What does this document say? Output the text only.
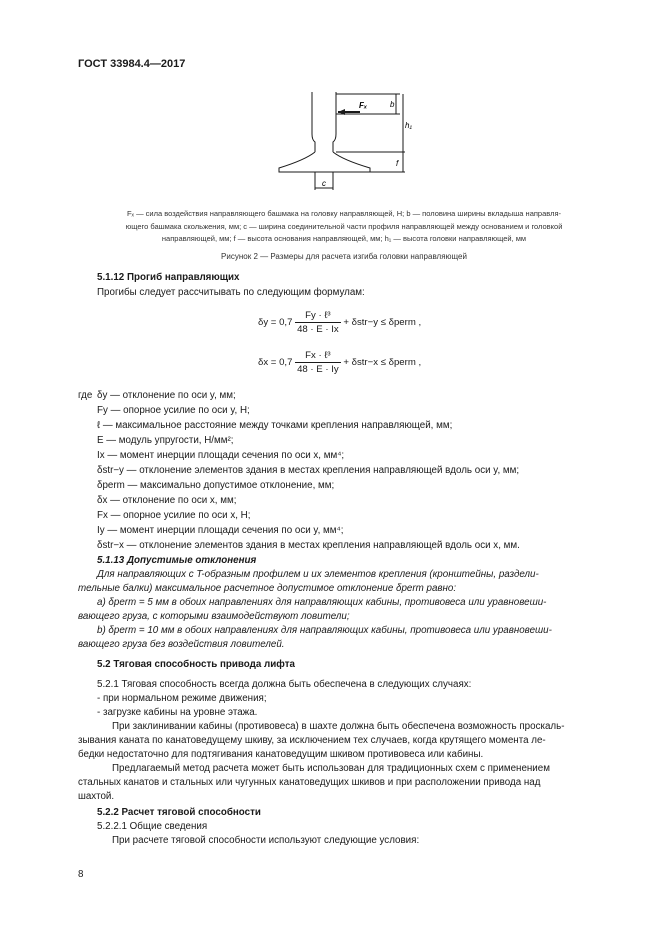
ГОСТ 33984.4—2017
Fₓ	b
h₁
f
c
Fₓ — сила воздействия направляющего башмака на головку направляющей, Н; b — половина ширины вкладыша направля-
ющего башмака скольжения, мм; c — ширина соединительной части профиля направляющей между основанием и головкой
направляющей, мм; f — высота основания направляющей, мм; h₁ — высота головки направляющей, мм
Рисунок 2 — Размеры для расчета изгиба головки направляющей
5.1.12 Прогиб направляющих
Прогибы следует рассчитывать по следующим формулам:
$\delta y = 0,7 \frac{\text{Fy · ℓ³}}{48 \cdot E \cdot Ix} + \delta str-y$ ≤ δperm ,
$\delta x = 0,7 \frac{\text{Fx · ℓ³}}{48 \cdot E \cdot Iy} + \delta str-x$ ≤ δperm ,
где δy — отклонение по оси y, мм;
Fy — опорное усилие по оси y, Н;
ℓ — максимальное расстояние между точками крепления направляющей, мм;
E — модуль упругости, Н/мм²;
Ix — момент инерции площади сечения по оси x, мм⁴;
δstr−y — отклонение элементов здания в местах крепления направляющей вдоль оси y, мм;
δperm — максимально допустимое отклонение, мм;
δx — отклонение по оси x, мм;
Fx — опорное усилие по оси x, Н;
Iy — момент инерции площади сечения по оси y, мм⁴;
δstr−x — отклонение элементов здания в местах крепления направляющей вдоль оси x, мм.
5.1.13 Допустимые отклонения
Для направляющих с T-образным профилем и их элементов крепления (кронштейны, раздели-
тельные балки) максимальное расчетное допустимое отклонение δperm равно:
a) δperm = 5 мм в обоих направлениях для направляющих кабины, противовеса или уравновеши-
вающего груза, с которыми взаимодействуют ловители;
b) δperm = 10 мм в обоих направлениях для направляющих кабины, противовеса или уравновеши-
вающего груза без воздействия ловителей.
5.2 Тяговая способность привода лифта
5.2.1 Тяговая способность всегда должна быть обеспечена в следующих случаях:
- при нормальном режиме движения;
- загрузке кабины на уровне этажа.
При заклинивании кабины (противовеса) в шахте должна быть обеспечена возможность проскаль-
зывания каната по канатоведущему шкиву, за исключением тех случаев, когда крутящего момента ле-
бедки недостаточно для подтягивания канатоведущим шкивом противовеса или кабины.
Предлагаемый метод расчета может быть использован для традиционных схем с применением
стальных канатов и стальных или чугунных канатоведущих шкивов и при расположении привода над
шахтой.
5.2.2 Расчет тяговой способности
5.2.2.1 Общие сведения
При расчете тяговой способности используют следующие условия:
8
